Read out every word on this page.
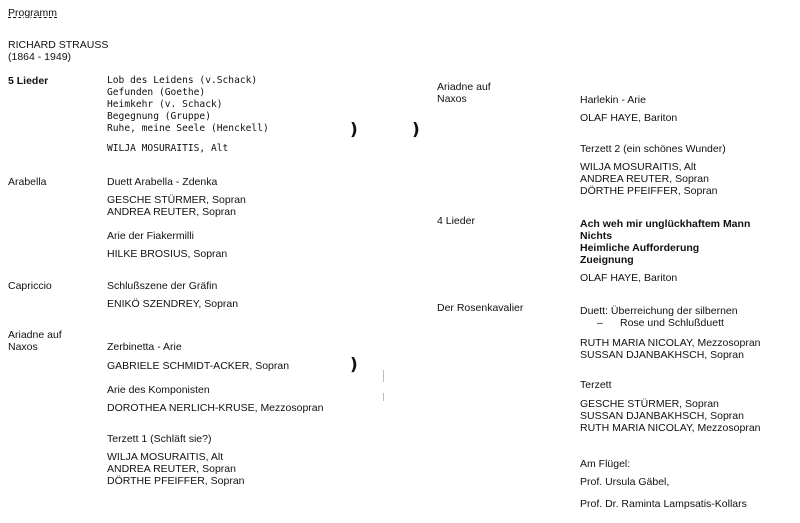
Programm
RICHARD STRAUSS
(1864 - 1949)
5 Lieder	Lob des Leidens (v.Schack)
Gefunden (Goethe)
Heimkehr (v. Schack)
Begegnung (Gruppe)
Ruhe, meine Seele (Henckell)	)
WILJA MOSURAITIS, Alt
Arabella	Duett Arabella - Zdenka
GESCHE STÜRMER, Sopran
ANDREA REUTER, Sopran
Arie der Fiakermilli
HILKE BROSIUS, Sopran
Capriccio	Schlußszene der Gräfin
ENIKÖ SZENDREY, Sopran
Ariadne auf
Naxos	Zerbinetta - Arie
GABRIELE SCHMIDT-ACKER, Sopran	)
Arie des Komponisten
DOROTHEA NERLICH-KRUSE, Mezzosopran
Terzett 1 (Schläft sie?)
WILJA MOSURAITIS, Alt
ANDREA REUTER, Sopran
DÖRTHE PFEIFFER, Sopran
)
Ariadne auf
Naxos	Harlekin - Arie
OLAF HAYE, Bariton
Terzett 2 (ein schönes Wunder)
WILJA MOSURAITIS, Alt
ANDREA REUTER, Sopran
DÖRTHE PFEIFFER, Sopran
4 Lieder	Ach weh mir unglückhaftem Mann
Nichts
Heimliche Aufforderung
Zueignung
OLAF HAYE, Bariton
Der Rosenkavalier	Duett: Überreichung der silbernen
– Rose und Schlußduett
RUTH MARIA NICOLAY, Mezzosopran
SUSSAN DJANBAKHSCH, Sopran
Terzett
GESCHE STÜRMER, Sopran
SUSSAN DJANBAKHSCH, Sopran
RUTH MARIA NICOLAY, Mezzosopran
Am Flügel:
Prof. Ursula Gäbel,
Prof. Dr. Raminta Lampsatis-Kollars
